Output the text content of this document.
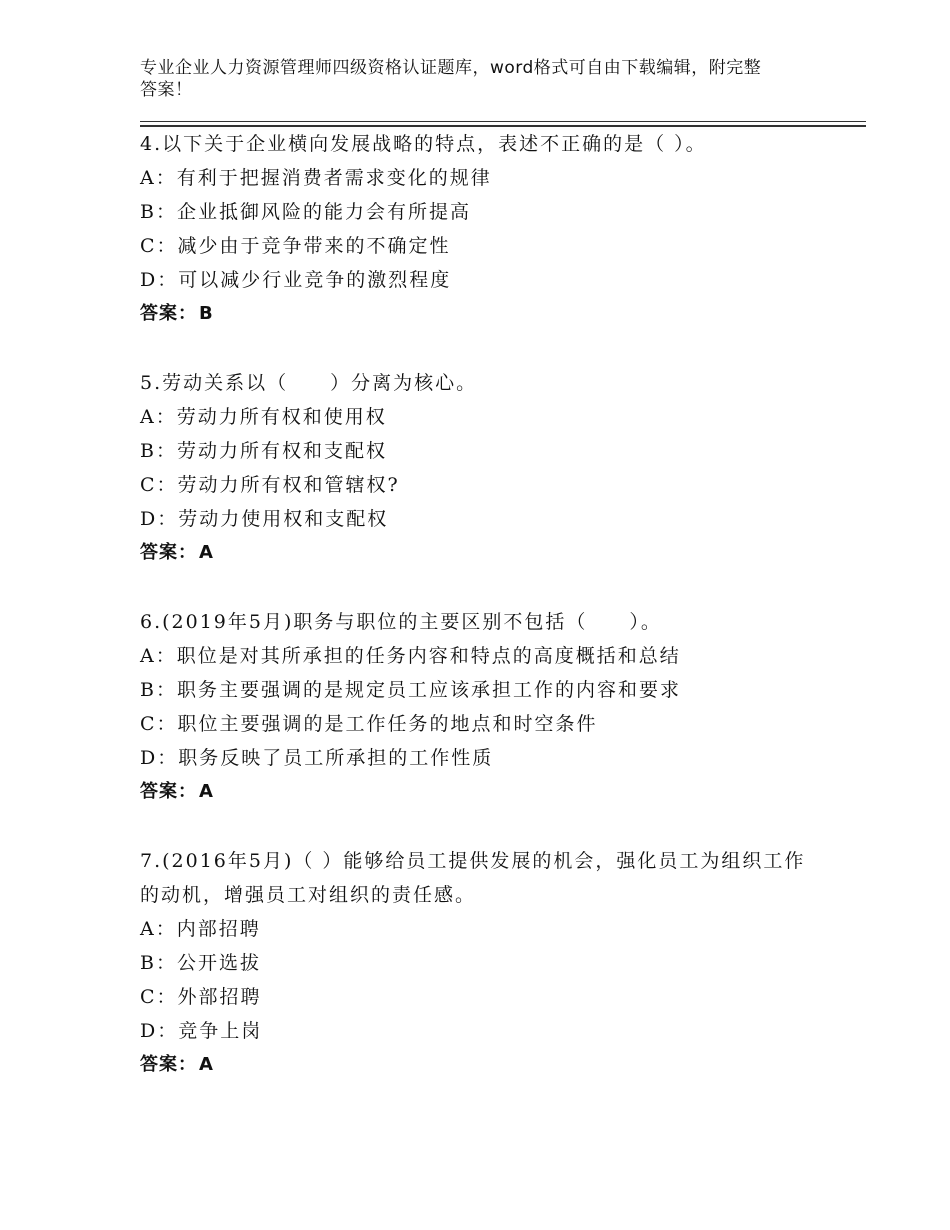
专业企业人力资源管理师四级资格认证题库，word格式可自由下载编辑，附完整
答案！

4.以下关于企业横向发展战略的特点，表述不正确的是（ ）。

A：有利于把握消费者需求变化的规律

B：企业抵御风险的能力会有所提高

C：减少由于竞争带来的不确定性

D：可以减少行业竞争的激烈程度

答案： B

5.劳动关系以（　　）分离为核心。

A：劳动力所有权和使用权

B：劳动力所有权和支配权

C：劳动力所有权和管辖权?

D：劳动力使用权和支配权

答案： A

6.(2019年5月)职务与职位的主要区别不包括（　　）。

A：职位是对其所承担的任务内容和特点的高度概括和总结

B：职务主要强调的是规定员工应该承担工作的内容和要求

C：职位主要强调的是工作任务的地点和时空条件

D：职务反映了员工所承担的工作性质

答案： A

7.(2016年5月)（ ）能够给员工提供发展的机会，强化员工为组织工作的动机，增强员工对组织的责任感。

A：内部招聘

B：公开选拔

C：外部招聘

D：竞争上岗

答案： A
